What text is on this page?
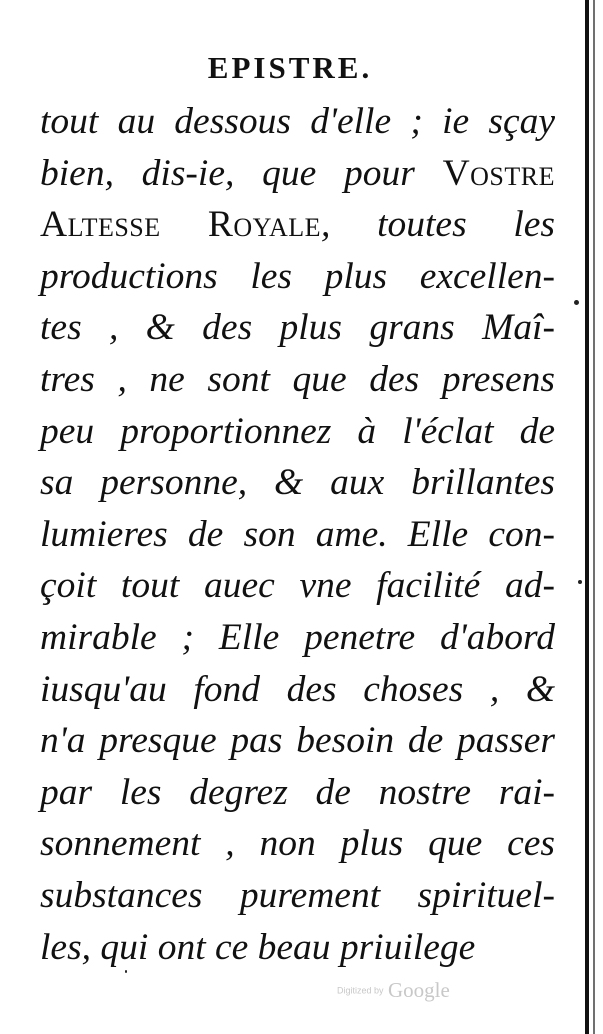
EPISTRE.
tout au dessous d'elle ; ie sçay
bien, dis-ie, que pour Vostre
Altesse Royale, toutes les
productions les plus excellen-
tes , & des plus grans Maî-
tres , ne sont que des presens
peu proportionnez à l'éclat de
sa personne, & aux brillantes
lumieres de son ame. Elle con-
çoit tout auec vne facilité ad-
mirable ; Elle penetre d'abord
iusqu'au fond des choses , &
n'a presque pas besoin de passer
par les degrez de nostre rai-
sonnement , non plus que ces
substances purement spirituel-
les, qui ont ce beau priuilege
Digitized by Google
